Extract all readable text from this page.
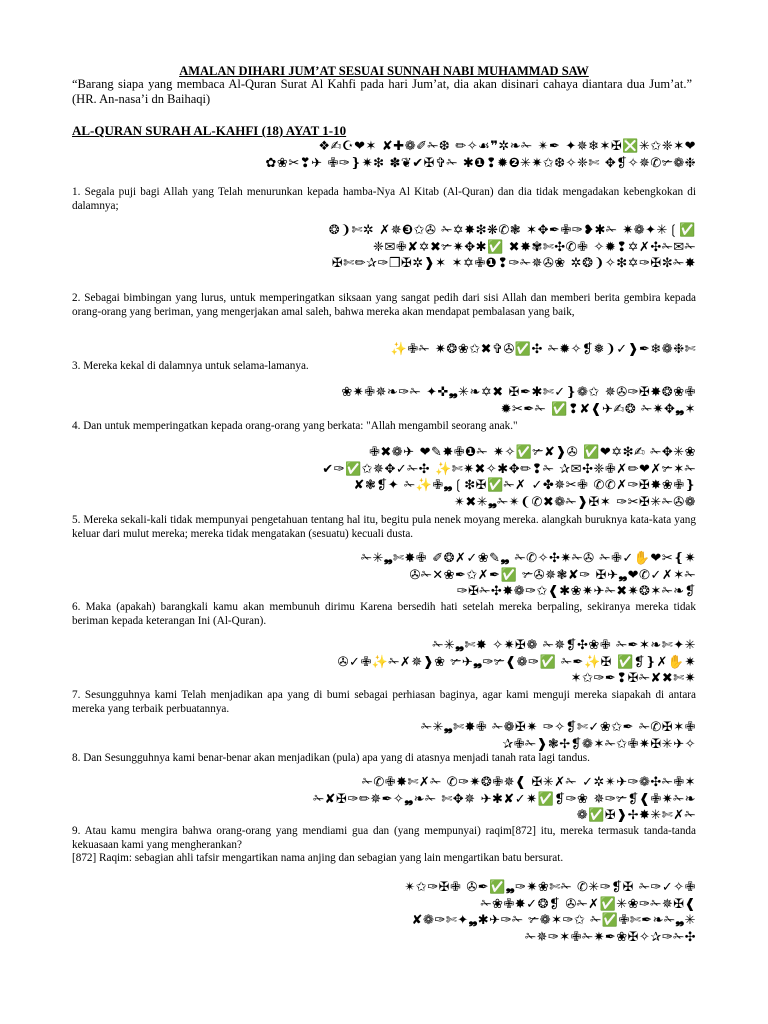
AMALAN DIHARI JUM’AT SESUAI SUNNAH NABI MUHAMMAD SAW
“Barang siapa yang membaca Al-Quran Surat Al Kahfi pada hari Jum’at, dia akan disinari cahaya diantara dua Jum’at.” (HR. An-nasa’i dn Baihaqi)
AL-QURAN SURAH AL-KAHFI (18) AYAT 1-10
❖✍☪❤✶ ✘✚❁✐✁❆ ✏✧☙❞✲❧✁ ✴✒ ✦✵❄✶✠❎✳✩❈✶❤
✿❀✂❣✈ ✙✑❵✷❇ ✽❦✔✠✞✁ ✱❶❢✹❷✳✷✩❆✧❈✄ ✥❡✧✵✆✃❁❉
1. Segala puji bagi Allah yang Telah menurunkan kepada hamba-Nya Al Kitab (Al-Quran) dan dia tidak mengadakan kebengkokan di dalamnya;
❂❩✄✲ ✗✵❸✩✇ ✁✡✸❇❋✆❃ ✶✥✒✙✑❥✱✁ ✷❁✦✳❲✅
❈✉✙✘✡✖✃✷✥✱✅ ✖✸✾✄✣✆✙ ✧✹❢✡✗✣✁✉✁
✠✄✏✰✑❒✠✲❱✶ ✶✡✙❶❢✑✁✵✇❀ ✲❂❩✧❇✡✑✠✼✁✸
2. Sebagai bimbingan yang lurus, untuk memperingatkan siksaan yang sangat pedih dari sisi Allah dan memberi berita gembira kepada orang-orang yang beriman, yang mengerjakan amal saleh, bahwa mereka akan mendapat pembalasan yang baik,
✨✙✁ ✷❂❀✩✖✞✇✅✣ ✁✹✧❡❅❩✓❱✒❄❁❉✄
3. Mereka kekal di dalamnya untuk selama-lamanya.
❀✷✙✵❧✑✁ ✦✜❠✳❧✡✖ ✠✒✱✄✓❵❁✩ ✵✇✑✠✸❂❀✙
✹✂✒✁ ✅❢✘❰✈✍❂ ✁✷✥❠✶
4. Dan untuk memperingatkan kepada orang-orang yang berkata: "Allah mengambil seorang anak."
✙✖❁✈ ❤✎✸✙❶✁ ✷✧✅✃✘❱✇ ✅❤✡❇✍ ✁✥✳❀
✔✑✅✩✵✥✓✁✣ ✨✄✷✖✧✱✥✏❢✁ ✰✉✣❈✙✗✏❤✗✃✶✁
✘❃❡✦ ✁✨✙❠❲❇✠✅✁✗ ✓✤✵✂✙ ✆✆✗✑✠✸❀✙❵
✴✖✳❠✁✴❨✆✖❁✁❱✠✶ ✑✂✠✳✁✇❁
5. Mereka sekali-kali tidak mempunyai pengetahuan tentang hal itu, begitu pula nenek moyang mereka. alangkah buruknya kata-kata yang keluar dari mulut mereka; mereka tidak mengatakan (sesuatu) kecuali dusta.
✁✳❠✄✸✙ ✐❂✗✓❀✎❠ ✁✆✧✣✷✁✇ ✁✙✓✋❤✂❴✷
✇✁✕❀✒✩✗✒✅ ✃✇✵❃✘✑ ✠✈❠❤✆✓✗✶✁
✑✠✁✣✸❁✑✩❰✱❀✷✈✁✖✷❂✶✁❧❡
6. Maka (apakah) barangkali kamu akan membunuh dirimu Karena bersedih hati setelah mereka berpaling, sekiranya mereka tidak beriman kepada keterangan Ini (Al-Quran).
✁✳❠✄✸ ✧✷✠❁ ✁✵❡✣❀✙ ✁✒✶❧✄✦✳
✇✓✙✨✁✗✵❱❀ ✃✈❠✑✃❰❁✑✅ ✁✒✨✠ ✅❡❵✗✋✷
✶✩✑✒❢✠✁✘✖✄✷
7. Sesungguhnya kami Telah menjadikan apa yang di bumi sebagai perhiasan baginya, agar kami menguji mereka siapakah di antara mereka yang terbaik perbuatannya.
✁✳❠✄✸✙ ✁❁✠✷ ✑✧❡✄✓❀✩✒ ✁✆✠✶✙
✰✙✁❱❃✢❡❁✶✁✩✙✷✠✳✈✧
8. Dan Sesungguhnya kami benar-benar akan menjadikan (pula) apa yang di atasnya menjadi tanah rata lagi tandus.
✁✆✙✸✄✗✁ ✆✑✷❂✙✵❰ ✠✳✗✁ ✓✲✴✈✑❁✣✁✙✶
✁✘✠✑✏✵✒✧❠❧✁ ✄✥✵ ✈✱✘✓✷✅❡✑❀ ✵✑✃❡❰✙✷✁❧
❁✅✠❱✢✸✳✄✗✁
9. Atau kamu mengira bahwa orang-orang yang mendiami gua dan (yang mempunyai) raqim[872] itu, mereka termasuk tanda-tanda kekuasaan kami yang mengherankan?
[872] Raqim: sebagian ahli tafsir mengartikan nama anjing dan sebagian yang lain mengartikan batu bersurat.
✴✩✑✠✙ ✇✒✅❠✑✷❀✄✁ ✆✳✑❡✠ ✁✑✓✧✙
✁❀✙✸✓❂❡ ✇✁✗✅✳❀✑✁✵✠❰
✘❁✑✄✦❠✱✈✑✁ ✃❁✶✑✩ ✁✅✙✄✒❧✁❠✳
✁✵✑✶✙✁✷✒❀✠✧✰✑✁✣
